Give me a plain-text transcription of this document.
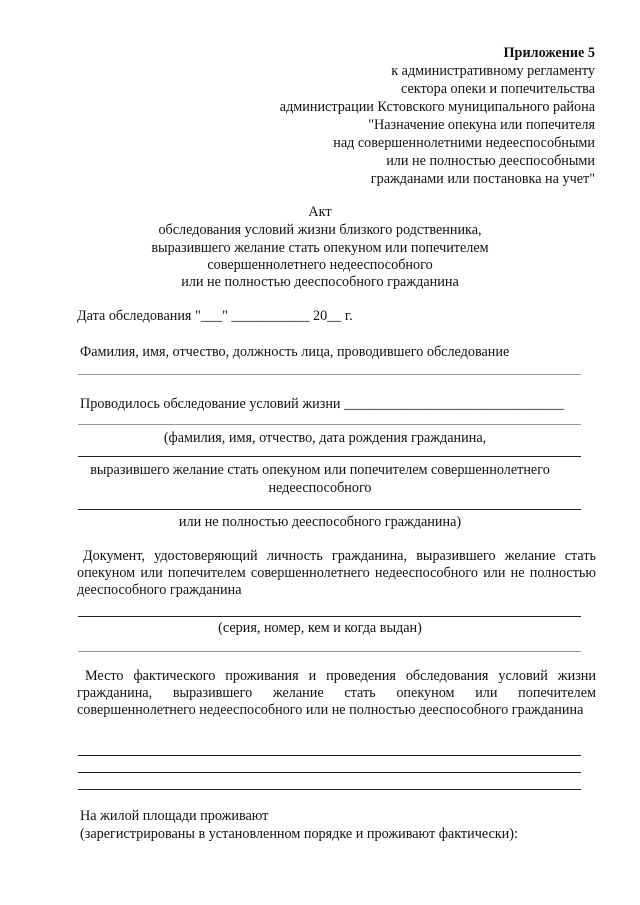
Приложение 5
к административному регламенту
сектора опеки и попечительства
администрации Кстовского муниципального района
"Назначение опекуна или попечителя
над совершеннолетними недееспособными
или не полностью дееспособными
гражданами или постановка на учет"
Акт
обследования условий жизни близкого родственника,
выразившего желание стать опекуном или попечителем
совершеннолетнего недееспособного
или не полностью дееспособного гражданина
Дата обследования "___" ___________ 20__ г.
Фамилия, имя, отчество, должность лица, проводившего обследование
Проводилось обследование условий жизни _______________________________
(фамилия, имя, отчество, дата рождения гражданина,
выразившего желание стать опекуном или попечителем совершеннолетнего
недееспособного
или не полностью дееспособного гражданина)
Документ, удостоверяющий личность гражданина, выразившего желание стать опекуном или попечителем совершеннолетнего недееспособного или не полностью дееспособного гражданина
(серия, номер, кем и когда выдан)
Место фактического проживания и проведения обследования условий жизни гражданина, выразившего желание стать опекуном или попечителем совершеннолетнего недееспособного или не полностью дееспособного гражданина
На жилой площади проживают
(зарегистрированы в установленном порядке и проживают фактически):
